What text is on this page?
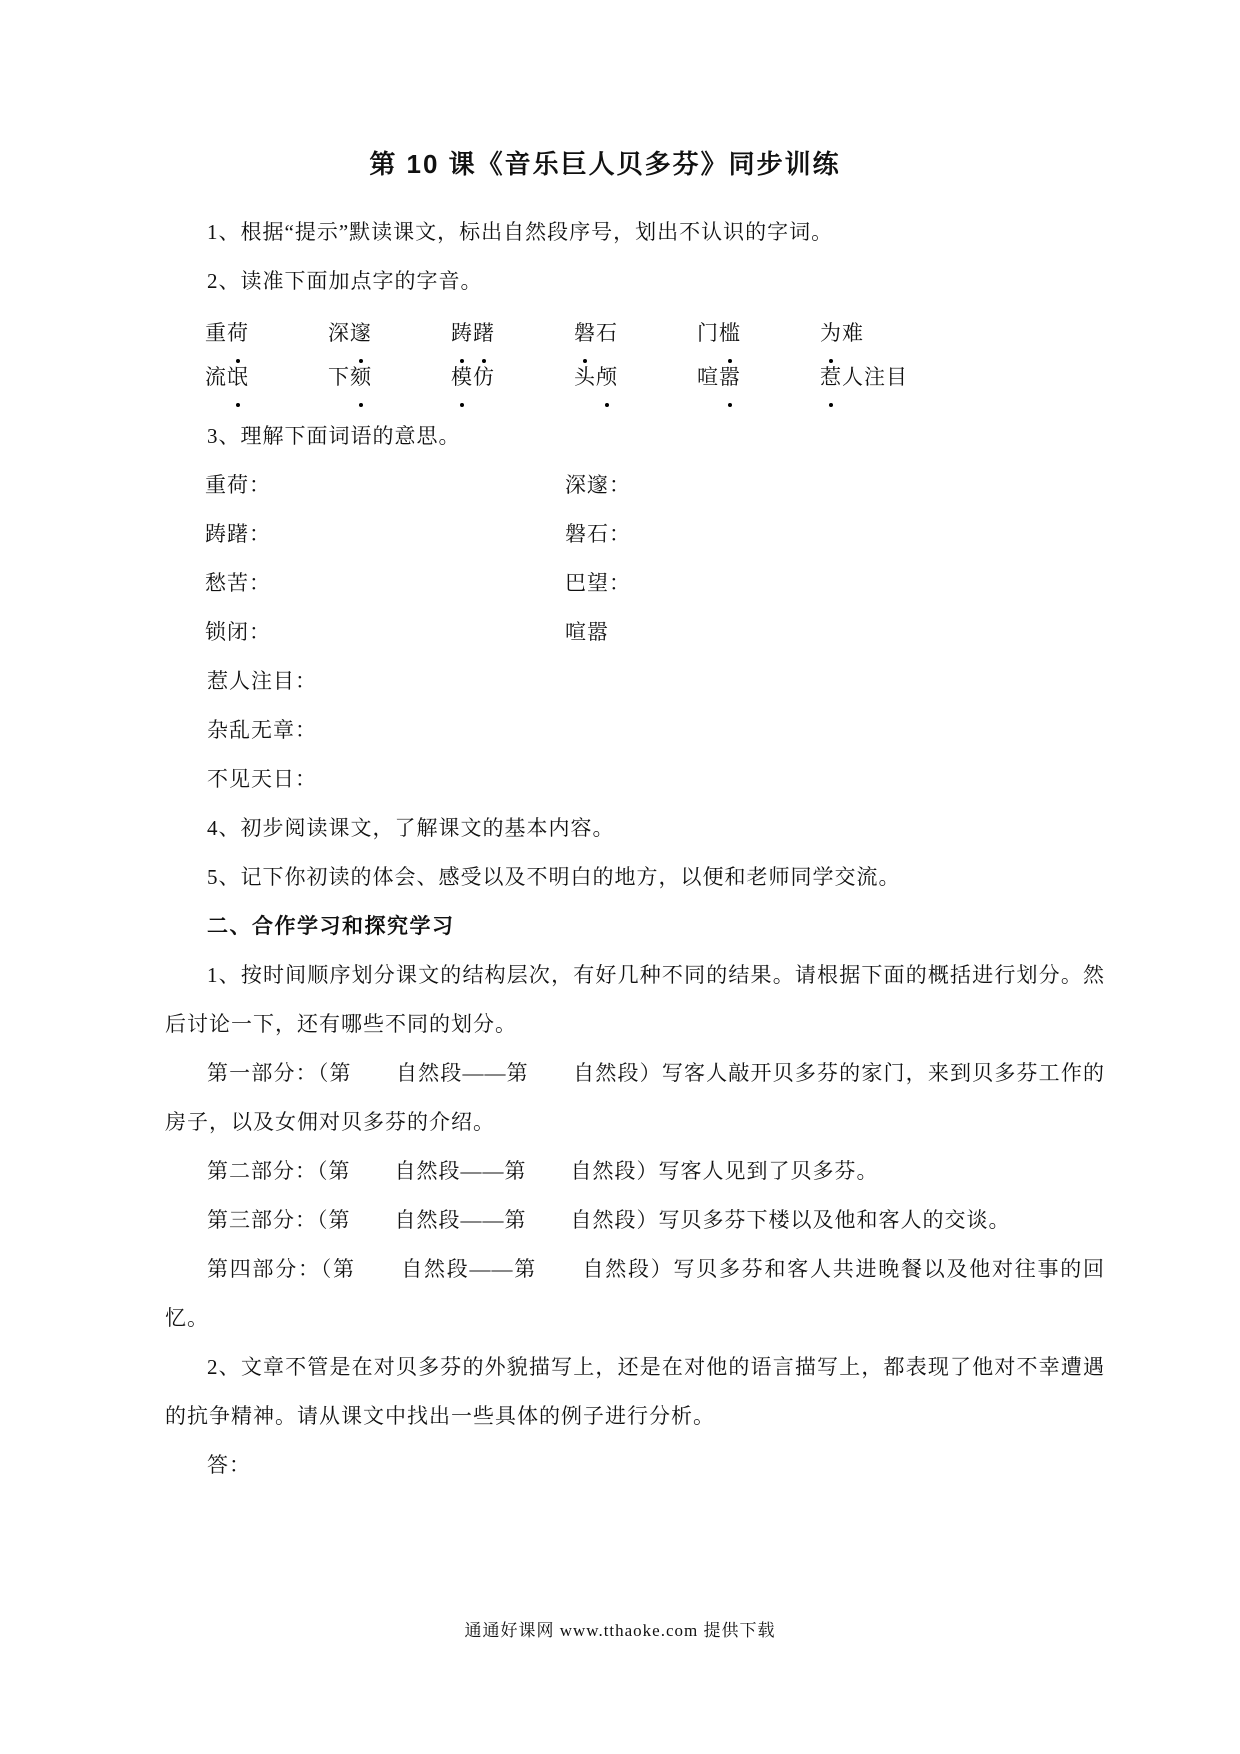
第 10 课《音乐巨人贝多芬》同步训练

1、根据“提示”默读课文，标出自然段序号，划出不认识的字词。

2、读准下面加点字的字音。

重荷	深邃	踌躇	磐石	门槛	为难
流氓	下颏	模仿	头颅	喧嚣	惹人注目

3、理解下面词语的意思。

重荷：	深邃：
踌躇：	磐石：
愁苦：	巴望：
锁闭：	喧嚣

惹人注目：

杂乱无章：

不见天日：

4、初步阅读课文，了解课文的基本内容。

5、记下你初读的体会、感受以及不明白的地方，以便和老师同学交流。

二、合作学习和探究学习

1、按时间顺序划分课文的结构层次，有好几种不同的结果。请根据下面的概括进行划分。然后讨论一下，还有哪些不同的划分。

第一部分：（第　　自然段——第　　自然段）写客人敲开贝多芬的家门，来到贝多芬工作的房子，以及女佣对贝多芬的介绍。

第二部分：（第　　自然段——第　　自然段）写客人见到了贝多芬。

第三部分：（第　　自然段——第　　自然段）写贝多芬下楼以及他和客人的交谈。

第四部分：（第　　自然段——第　　自然段）写贝多芬和客人共进晚餐以及他对往事的回忆。

2、文章不管是在对贝多芬的外貌描写上，还是在对他的语言描写上，都表现了他对不幸遭遇的抗争精神。请从课文中找出一些具体的例子进行分析。

答：

通通好课网 www.tthaoke.com 提供下载
